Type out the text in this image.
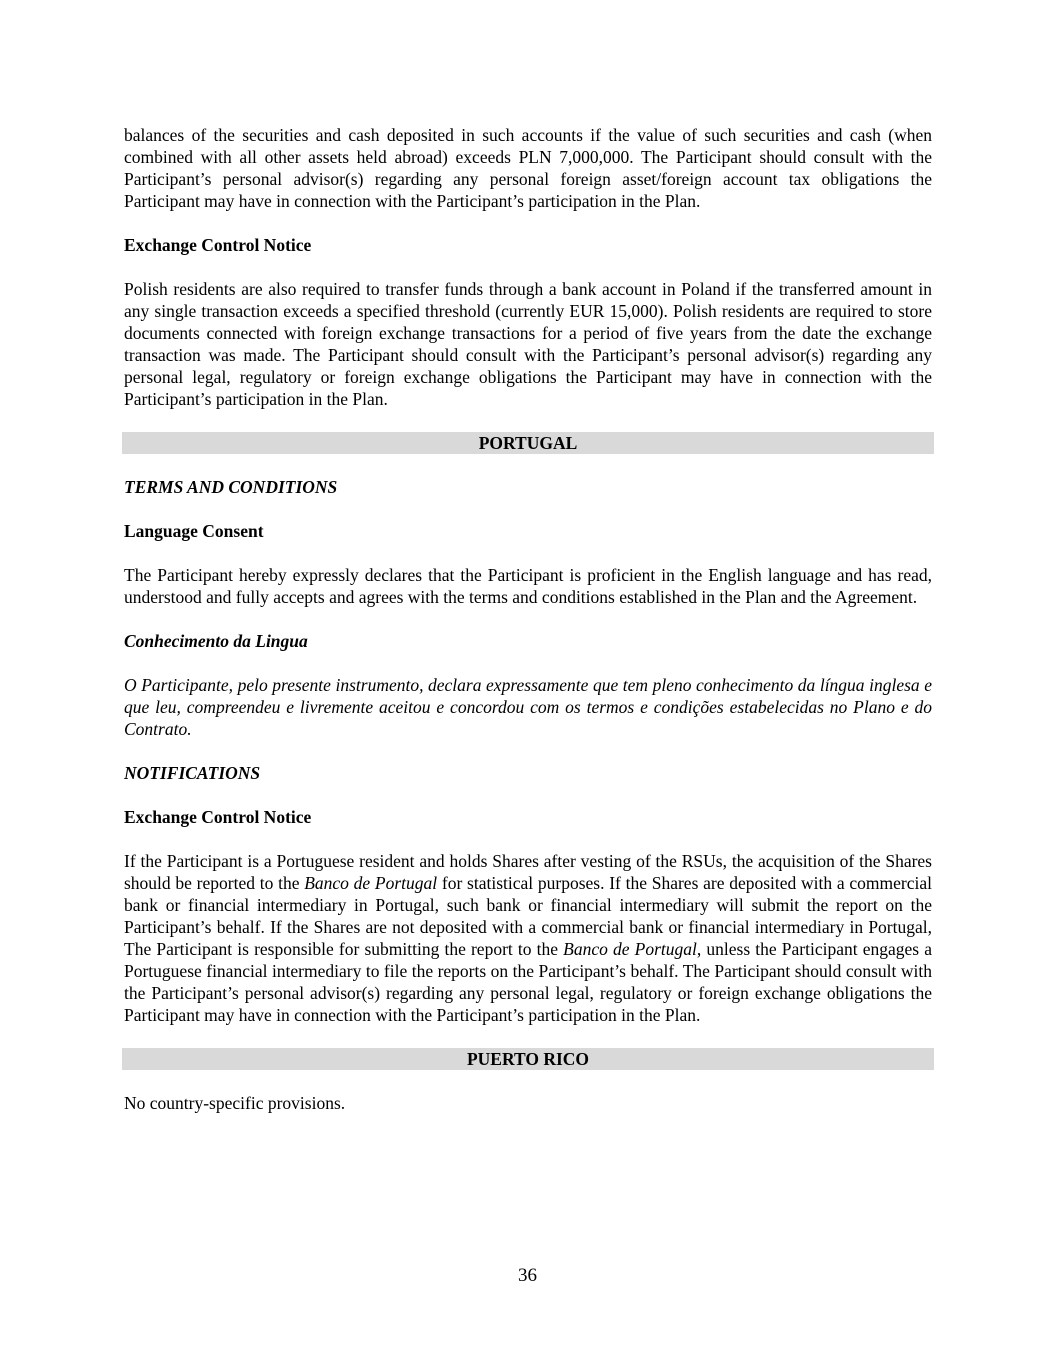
balances of the securities and cash deposited in such accounts if the value of such securities and cash (when combined with all other assets held abroad) exceeds PLN 7,000,000. The Participant should consult with the Participant’s personal advisor(s) regarding any personal foreign asset/foreign account tax obligations the Participant may have in connection with the Participant’s participation in the Plan.

Exchange Control Notice

Polish residents are also required to transfer funds through a bank account in Poland if the transferred amount in any single transaction exceeds a specified threshold (currently EUR 15,000). Polish residents are required to store documents connected with foreign exchange transactions for a period of five years from the date the exchange transaction was made. The Participant should consult with the Participant’s personal advisor(s) regarding any personal legal, regulatory or foreign exchange obligations the Participant may have in connection with the Participant’s participation in the Plan.

PORTUGAL

TERMS AND CONDITIONS

Language Consent

The Participant hereby expressly declares that the Participant is proficient in the English language and has read, understood and fully accepts and agrees with the terms and conditions established in the Plan and the Agreement.

Conhecimento da Lingua

O Participante, pelo presente instrumento, declara expressamente que tem pleno conhecimento da língua inglesa e que leu, compreendeu e livremente aceitou e concordou com os termos e condições estabelecidas no Plano e do Contrato.

NOTIFICATIONS

Exchange Control Notice

If the Participant is a Portuguese resident and holds Shares after vesting of the RSUs, the acquisition of the Shares should be reported to the Banco de Portugal for statistical purposes. If the Shares are deposited with a commercial bank or financial intermediary in Portugal, such bank or financial intermediary will submit the report on the Participant’s behalf. If the Shares are not deposited with a commercial bank or financial intermediary in Portugal, The Participant is responsible for submitting the report to the Banco de Portugal, unless the Participant engages a Portuguese financial intermediary to file the reports on the Participant’s behalf. The Participant should consult with the Participant’s personal advisor(s) regarding any personal legal, regulatory or foreign exchange obligations the Participant may have in connection with the Participant’s participation in the Plan.

PUERTO RICO

No country-specific provisions.

36
